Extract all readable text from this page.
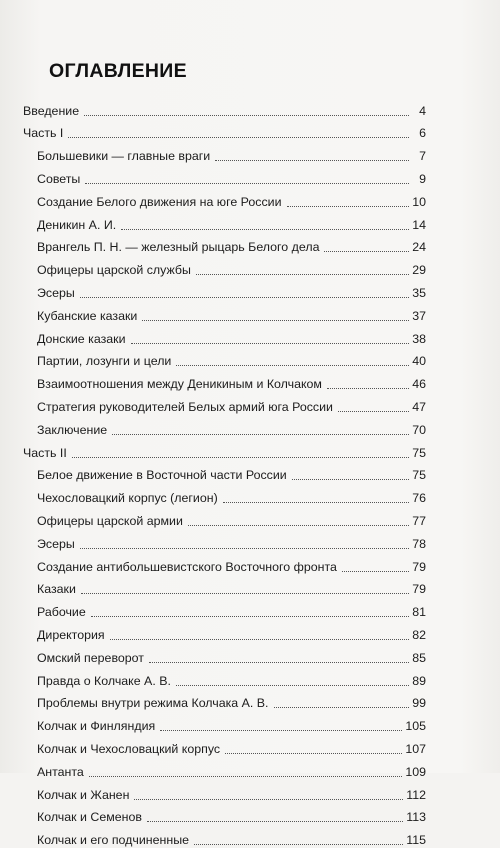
ОГЛАВЛЕНИЕ
Введение	4
Часть I	6
Большевики — главные враги	7
Советы	9
Создание Белого движения на юге России	10
Деникин А. И.	14
Врангель П. Н. — железный рыцарь Белого дела	24
Офицеры царской службы	29
Эсеры	35
Кубанские казаки	37
Донские казаки	38
Партии, лозунги и цели	40
Взаимоотношения между Деникиным и Колчаком	46
Стратегия руководителей Белых армий юга России	47
Заключение	70
Часть II	75
Белое движение в Восточной части России	75
Чехословацкий корпус (легион)	76
Офицеры царской армии	77
Эсеры	78
Создание антибольшевистского Восточного фронта	79
Казаки	79
Рабочие	81
Директория	82
Омский переворот	85
Правда о Колчаке А. В.	89
Проблемы внутри режима Колчака А. В.	99
Колчак и Финляндия	105
Колчак и Чехословацкий корпус	107
Антанта	109
Колчак и Жанен	112
Колчак и Семенов	113
Колчак и его подчиненные	115
